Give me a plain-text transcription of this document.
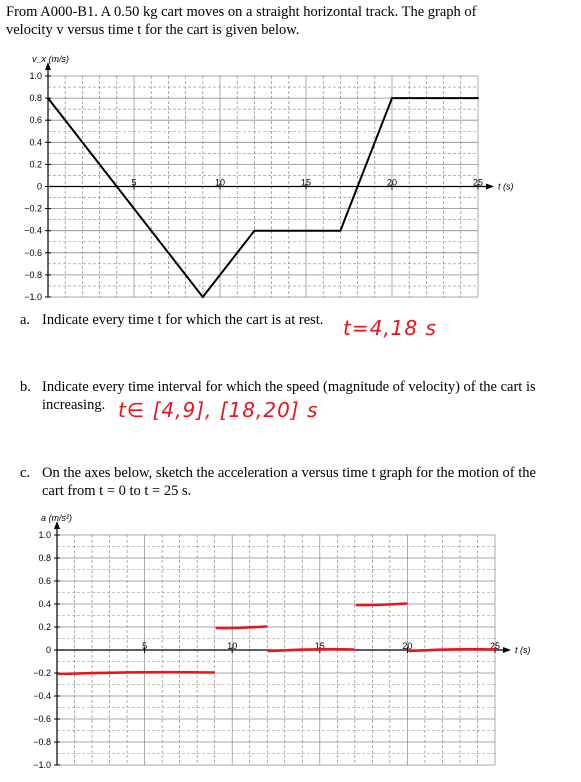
From A000-B1. A 0.50 kg cart moves on a straight horizontal track. The graph of
velocity v versus time t for the cart is given below.
1.0
0.8
0.6
0.4
0.2
0
−0.2
−0.4
−0.6
−0.8
−1.0
5	10	15	20	25 t (s)
v_x (m/s)
a. Indicate every time t for which the cart is at rest. t=4,18 s
b. Indicate every time interval for which the speed (magnitude of velocity) of the cart is
increasing. t∈ [4,9], [18,20] s
c. On the axes below, sketch the acceleration a versus time t graph for the motion of the
cart from t = 0 to t = 25 s.
1.0
0.8
0.6
0.4
0.2
0
−0.2
−0.4
−0.6
−0.8
−1.0
5	10	15	20	25 t (s)
a (m/s²)
